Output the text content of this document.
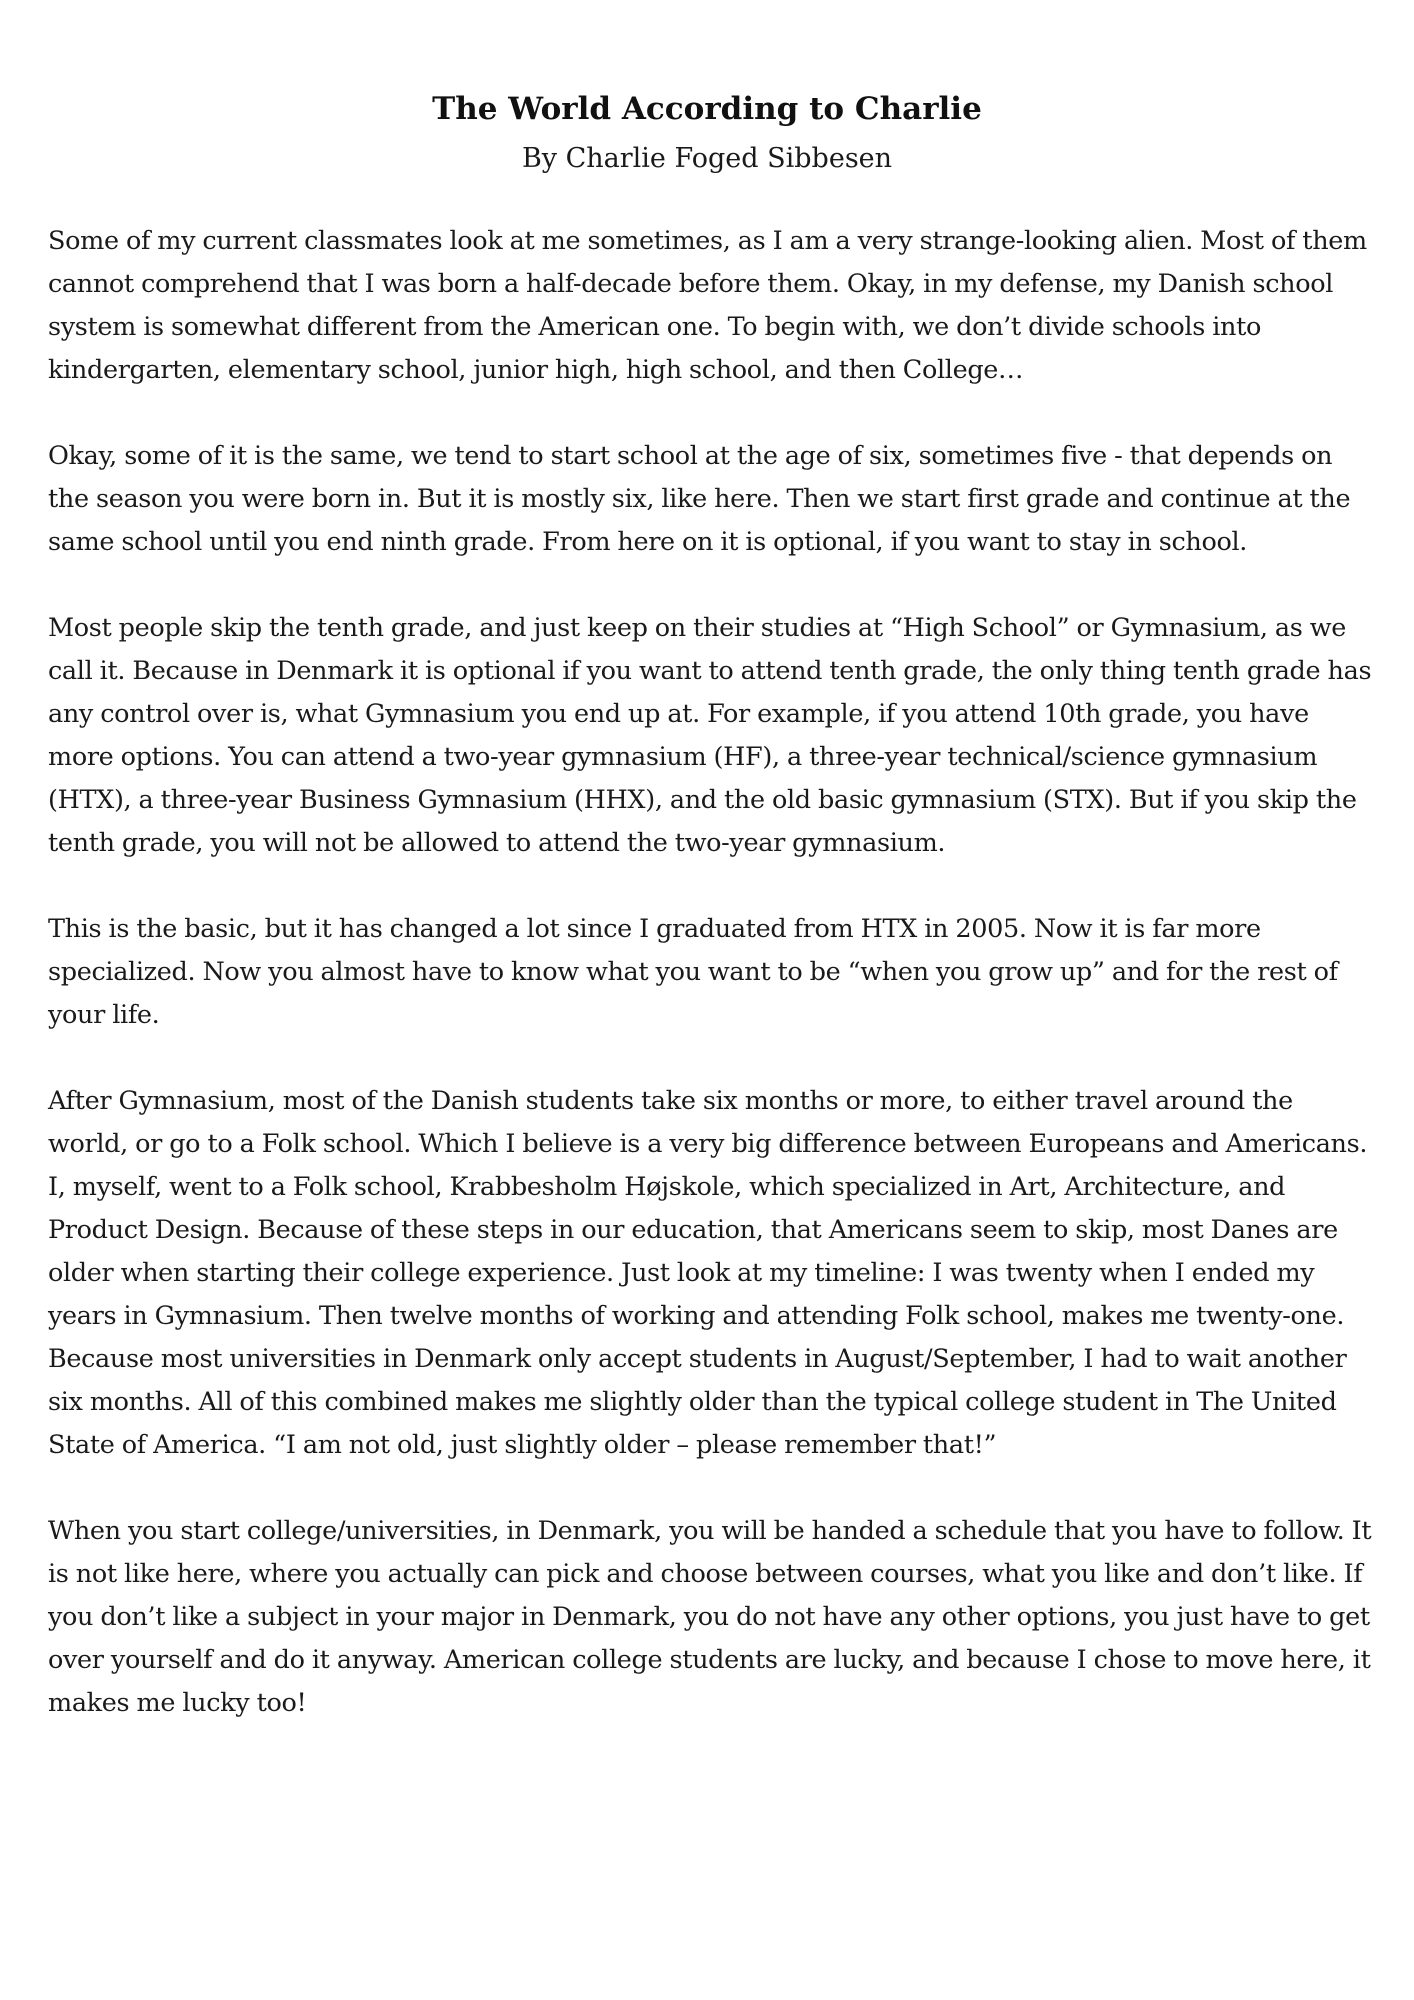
The World According to Charlie
By Charlie Foged Sibbesen

Some of my current classmates look at me sometimes, as I am a very strange-looking alien. Most of them cannot comprehend that I was born a half-decade before them. Okay, in my defense, my Danish school system is somewhat different from the American one. To begin with, we don’t divide schools into kindergarten, elementary school, junior high, high school, and then College…

Okay, some of it is the same, we tend to start school at the age of six, sometimes five - that depends on the season you were born in. But it is mostly six, like here. Then we start first grade and continue at the same school until you end ninth grade. From here on it is optional, if you want to stay in school.

Most people skip the tenth grade, and just keep on their studies at “High School” or Gymnasium, as we call it. Because in Denmark it is optional if you want to attend tenth grade, the only thing tenth grade has any control over is, what Gymnasium you end up at. For example, if you attend 10th grade, you have more options. You can attend a two-year gymnasium (HF), a three-year technical/science gymnasium (HTX), a three-year Business Gymnasium (HHX), and the old basic gymnasium (STX). But if you skip the tenth grade, you will not be allowed to attend the two-year gymnasium.

This is the basic, but it has changed a lot since I graduated from HTX in 2005. Now it is far more specialized. Now you almost have to know what you want to be “when you grow up” and for the rest of your life.

After Gymnasium, most of the Danish students take six months or more, to either travel around the world, or go to a Folk school. Which I believe is a very big difference between Europeans and Americans. I, myself, went to a Folk school, Krabbesholm Højskole, which specialized in Art, Architecture, and Product Design. Because of these steps in our education, that Americans seem to skip, most Danes are older when starting their college experience. Just look at my timeline: I was twenty when I ended my years in Gymnasium. Then twelve months of working and attending Folk school, makes me twenty-one. Because most universities in Denmark only accept students in August/September, I had to wait another six months. All of this combined makes me slightly older than the typical college student in The United State of America. “I am not old, just slightly older – please remember that!”

When you start college/universities, in Denmark, you will be handed a schedule that you have to follow. It is not like here, where you actually can pick and choose between courses, what you like and don’t like. If you don’t like a subject in your major in Denmark, you do not have any other options, you just have to get over yourself and do it anyway. American college students are lucky, and because I chose to move here, it makes me lucky too!
